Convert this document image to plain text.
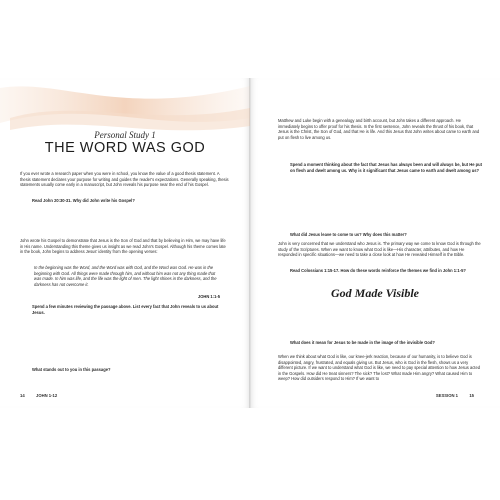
Personal Study 1
THE WORD WAS GOD

If you ever wrote a research paper when you were in school, you know the value of a good thesis statement. A thesis statement declares your purpose for writing and guides the reader's expectations. Generally speaking, thesis statements usually come early in a manuscript, but John reveals his purpose near the end of his Gospel.

Read John 20:30-31. Why did John write his Gospel?

John wrote his Gospel to demonstrate that Jesus is the Son of God and that by believing in Him, we may have life in His name. Understanding this theme gives us insight as we read John's Gospel. Although his theme comes late in the book, John begins to address Jesus' identity from the opening verses:

In the beginning was the Word, and the Word was with God, and the Word was God. He was in the beginning with God. All things were made through him, and without him was not any thing made that was made. In him was life, and the life was the light of men. The light shines in the darkness, and the darkness has not overcome it.

JOHN 1:1-5

Spend a few minutes reviewing the passage above. List every fact that John reveals to us about Jesus.

What stands out to you in this passage?

14	JOHN 1-12

Matthew and Luke begin with a genealogy and birth account, but John takes a different approach. He immediately begins to offer proof for his thesis. In the first sentence, John reveals the thrust of his book, that Jesus is the Christ, the Son of God, and that He is life. And this Jesus that John writes about came to earth and put on flesh to live among us.

Spend a moment thinking about the fact that Jesus has always been and will always be, but He put on flesh and dwelt among us. Why is it significant that Jesus came to earth and dwelt among us?

What did Jesus leave to come to us? Why does this matter?

John is very concerned that we understand who Jesus is. The primary way we come to know God is through the study of the Scriptures. When we want to know what God is like—His character, attributes, and how He responded in specific situations—we need to take a close look at how He revealed Himself in the Bible.

Read Colossians 1:15-17. How do these words reinforce the themes we find in John 1:1-5?

What does it mean for Jesus to be made in the image of the invisible God?

When we think about what God is like, our knee-jerk reaction, because of our humanity, is to believe God is disappointed, angry, frustrated, and equals giving us. But Jesus, who is God in the flesh, shows us a very different picture. If we want to understand what God is like, we need to pay special attention to how Jesus acted in the Gospels. How did He treat sinners? The sick? The lost? What made Him angry? What caused Him to weep? How did outsiders respond to Him? If we want to

SESSION 1	15
God Made Visible
